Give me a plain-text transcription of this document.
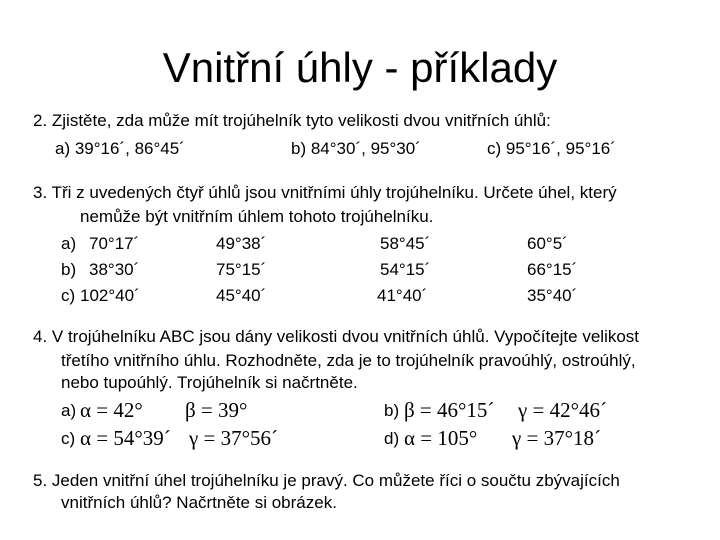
Vnitřní úhly - příklady
2. Zjistěte, zda může mít trojúhelník tyto velikosti dvou vnitřních úhlů:
a) 39°16´, 86°45´	b) 84°30´, 95°30´	c) 95°16´, 95°16´
3. Tři z uvedených čtyř úhlů jsou vnitřními úhly trojúhelníku. Určete úhel, který
nemůže být vnitřním úhlem tohoto trojúhelníku.
a) 70°17´	49°38´	58°45´	60°5´
b) 38°30´	75°15´	54°15´	66°15´
c) 102°40´	45°40´	41°40´	35°40´
4. V trojúhelníku ABC jsou dány velikosti dvou vnitřních úhlů. Vypočítejte velikost
třetího vnitřního úhlu. Rozhodněte, zda je to trojúhelník pravoúhlý, ostroúhlý,
nebo tupoúhlý. Trojúhelník si načrtněte.
a) α = 42° β = 39°	b) β = 46°15´ γ = 42°46´
c) α = 54°39´ γ = 37°56´	d) α = 105° γ = 37°18´
5. Jeden vnitřní úhel trojúhelníku je pravý. Co můžete říci o součtu zbývajících
vnitřních úhlů? Načrtněte si obrázek.
